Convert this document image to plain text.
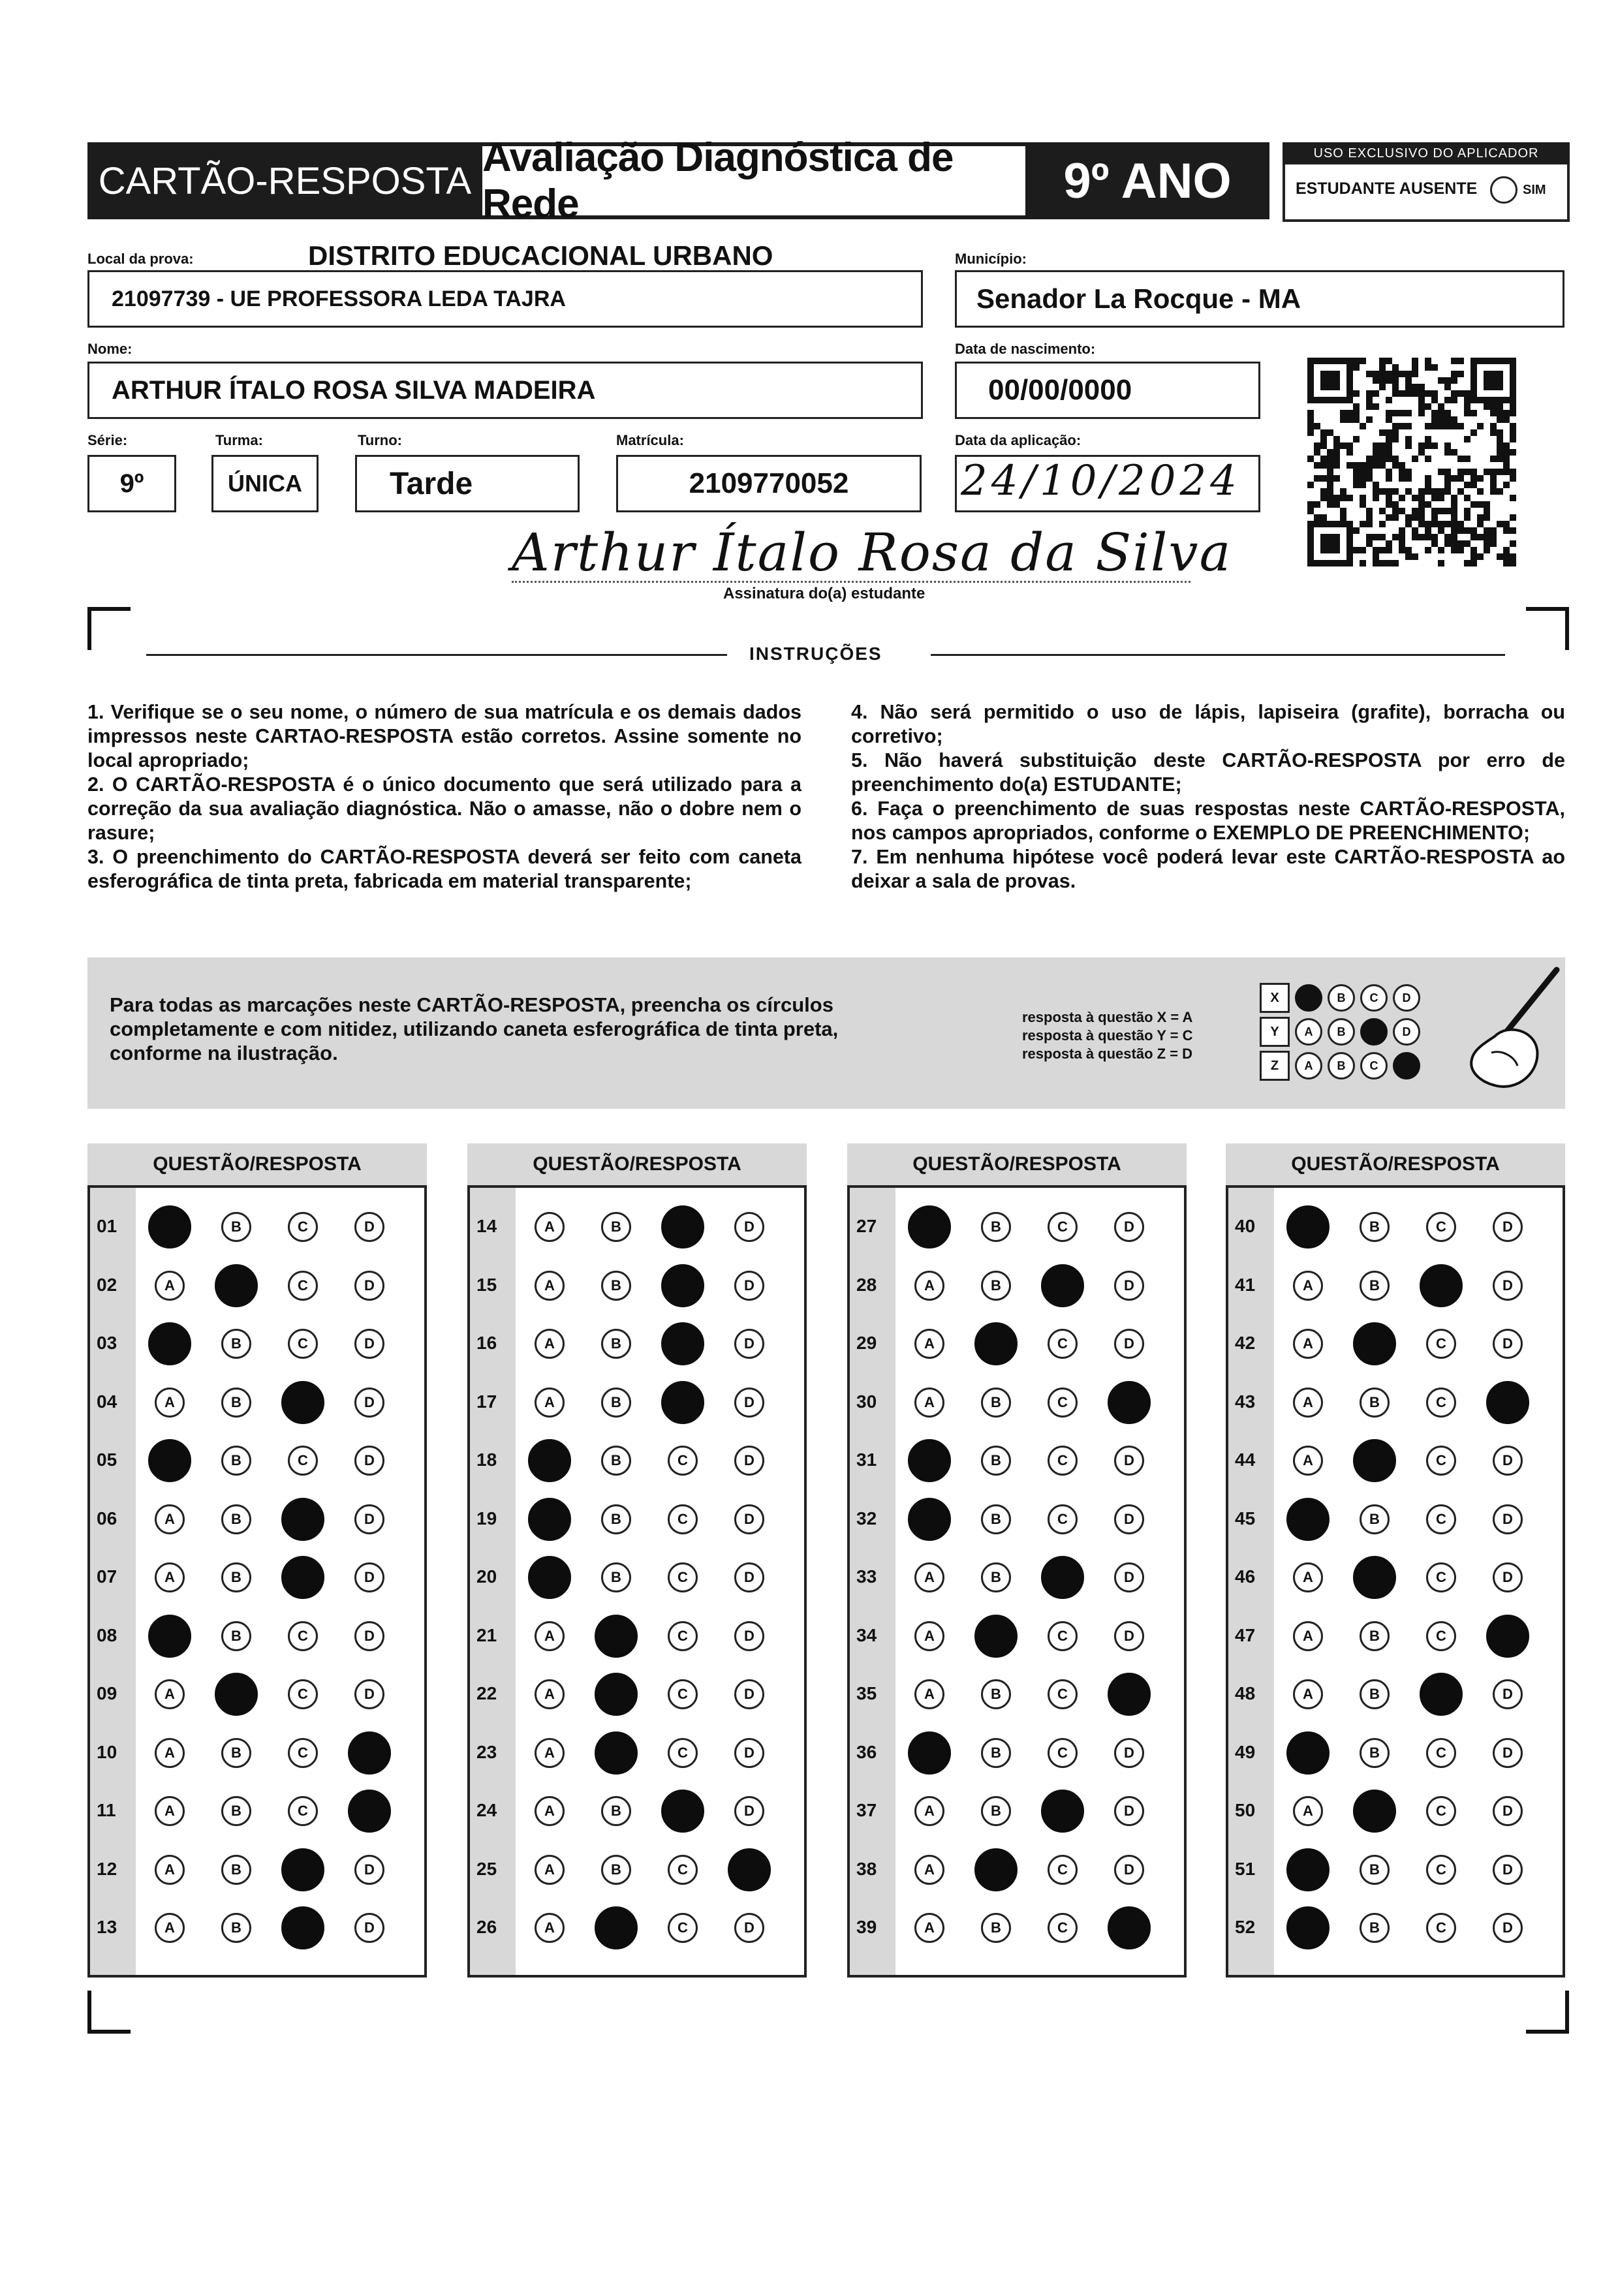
CARTÃO-RESPOSTA
Avaliação Diagnóstica de Rede	9º ANO	USO EXCLUSIVO DO APLICADOR
ESTUDANTE AUSENTE	SIM
Local da prova:	DISTRITO EDUCACIONAL URBANO
21097739 - UE PROFESSORA LEDA TAJRA
Município:
Senador La Rocque - MA
Nome:
ARTHUR ÍTALO ROSA SILVA MADEIRA
Data de nascimento:
00/00/0000
Série:
9º
Turma:
ÚNICA
Turno:
Tarde
Matrícula:
2109770052
Data da aplicação:
24/10/2024
Arthur Ítalo Rosa da Silva
Assinatura do(a) estudante
INSTRUÇÕES

1. Verifique se o seu nome, o número de sua matrícula e os demais dados impressos neste CARTAO-RESPOSTA estão corretos. Assine somente no local apropriado;

2. O CARTÃO-RESPOSTA é o único documento que será utilizado para a correção da sua avaliação diagnóstica. Não o amasse, não o dobre nem o rasure;

3. O preenchimento do CARTÃO-RESPOSTA deverá ser feito com caneta esferográfica de tinta preta, fabricada em material transparente;

4. Não será permitido o uso de lápis, lapiseira (grafite), borracha ou corretivo;

5. Não haverá substituição deste CARTÃO-RESPOSTA por erro de preenchimento do(a) ESTUDANTE;

6. Faça o preenchimento de suas respostas neste CARTÃO-RESPOSTA, nos campos apropriados, conforme o EXEMPLO DE PREENCHIMENTO;

7. Em nenhuma hipótese você poderá levar este CARTÃO-RESPOSTA ao deixar a sala de provas.

Para todas as marcações neste CARTÃO-RESPOSTA, preencha os círculos completamente e com nitidez, utilizando caneta esferográfica de tinta preta, conforme na ilustração.
resposta à questão X = A
resposta à questão Y = C
resposta à questão Z = D
X	B	C	D
Y	A	B	D
Z	A	B	C
QUESTÃO/RESPOSTA
01	B	C	D
02	A	C	D
03	B	C	D
04	A	B	D
05	B	C	D
06	A	B	D
07	A	B	D
08	B	C	D
09	A	C	D
10	A	B	C
11	A	B	C
12	A	B	D
13	A	B	D
QUESTÃO/RESPOSTA
14	A	B	D
15	A	B	D
16	A	B	D
17	A	B	D
18	B	C	D
19	B	C	D
20	B	C	D
21	A	C	D
22	A	C	D
23	A	C	D
24	A	B	D
25	A	B	C
26	A	C	D
QUESTÃO/RESPOSTA
27	B	C	D
28	A	B	D
29	A	C	D
30	A	B	C
31	B	C	D
32	B	C	D
33	A	B	D
34	A	C	D
35	A	B	C
36	B	C	D
37	A	B	D
38	A	C	D
39	A	B	C
QUESTÃO/RESPOSTA
40	B	C	D
41	A	B	D
42	A	C	D
43	A	B	C
44	A	C	D
45	B	C	D
46	A	C	D
47	A	B	C
48	A	B	D
49	B	C	D
50	A	C	D
51	B	C	D
52	B	C	D
